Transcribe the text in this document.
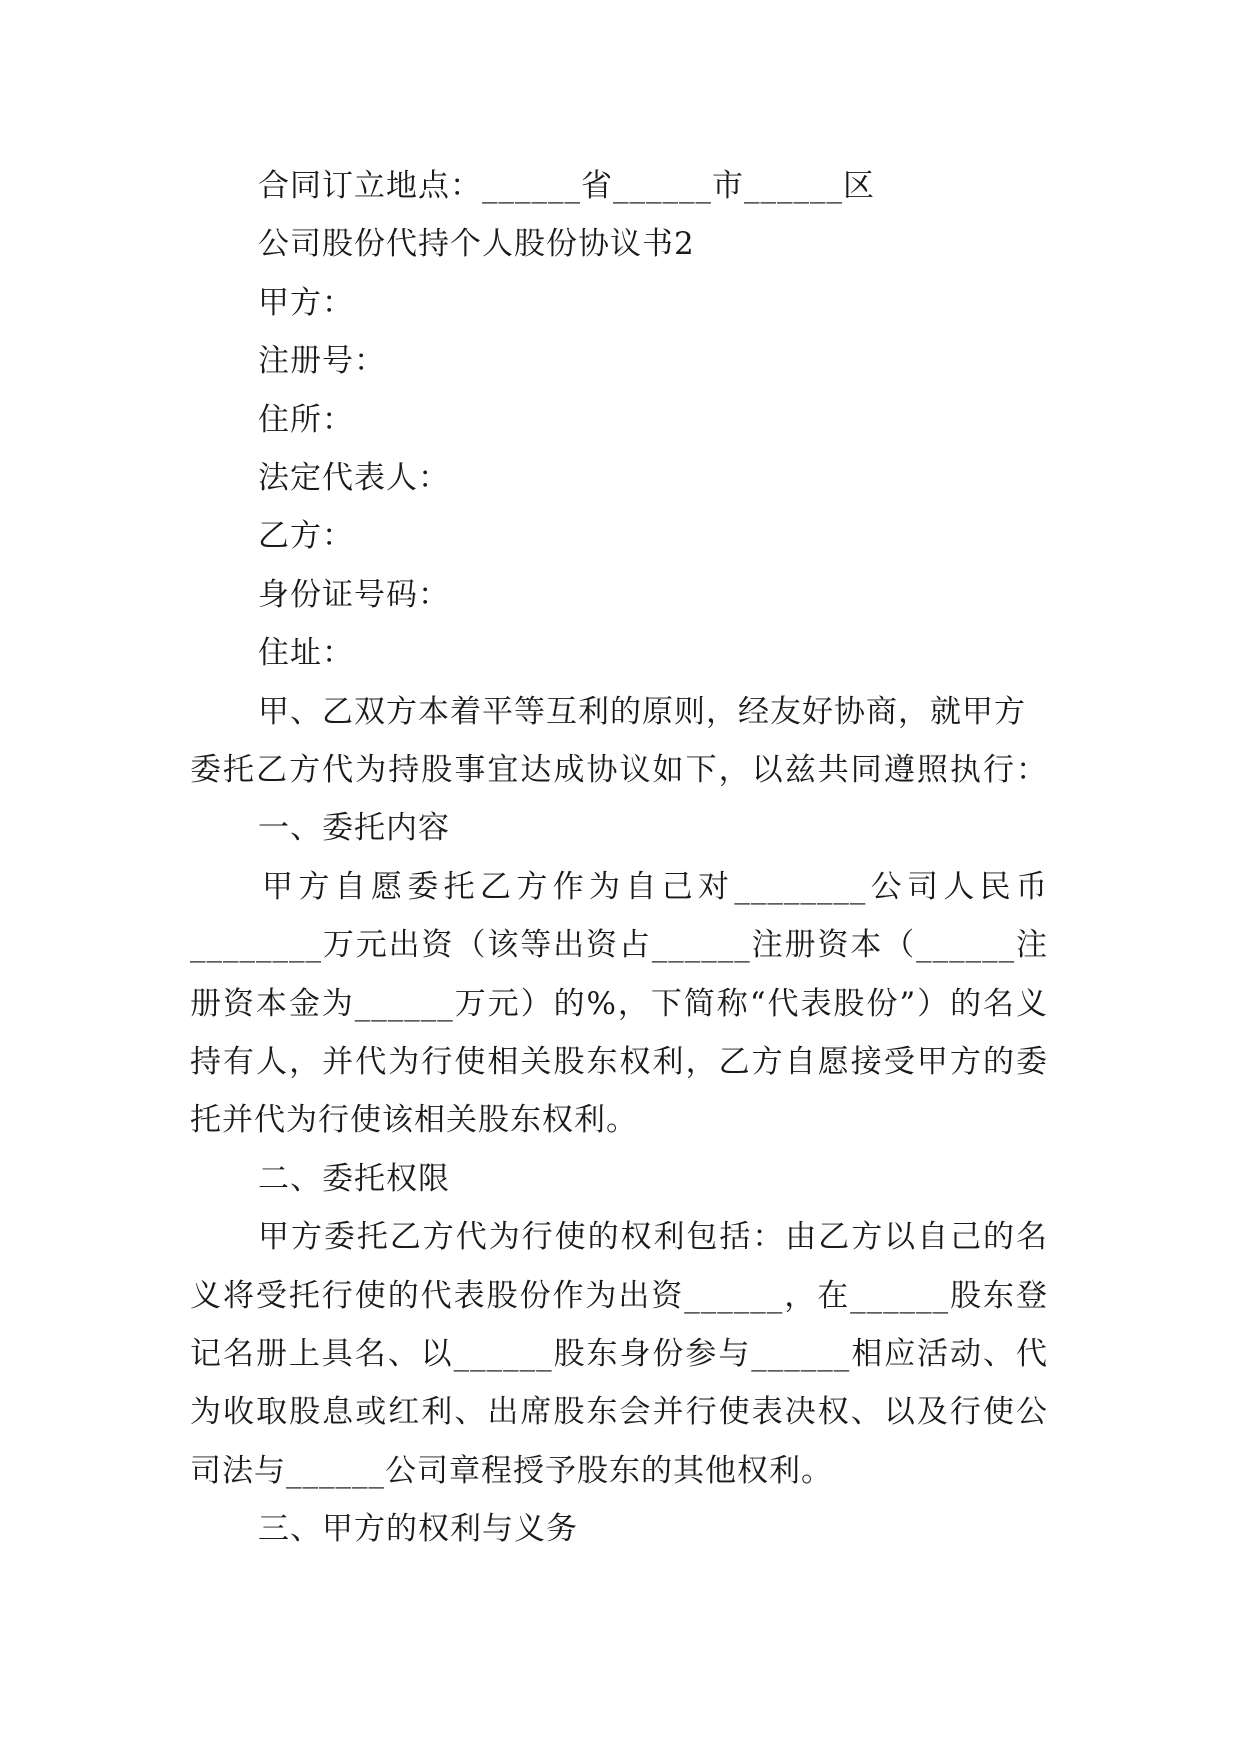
合同订立地点：______省______市______区
公司股份代持个人股份协议书2
甲方：
注册号：
住所：
法定代表人：
乙方：
身份证号码：
住址：
甲、乙双方本着平等互利的原则，经友好协商，就甲方
委托乙方代为持股事宜达成协议如下，以兹共同遵照执行：
一、委托内容
甲方自愿委托乙方作为自己对________公司人民币
________万元出资（该等出资占______注册资本（______注
册资本金为______万元）的%，下简称“代表股份”）的名义
持有人，并代为行使相关股东权利，乙方自愿接受甲方的委
托并代为行使该相关股东权利。
二、委托权限
甲方委托乙方代为行使的权利包括：由乙方以自己的名
义将受托行使的代表股份作为出资______，在______股东登
记名册上具名、以______股东身份参与______相应活动、代
为收取股息或红利、出席股东会并行使表决权、以及行使公
司法与______公司章程授予股东的其他权利。
三、甲方的权利与义务
